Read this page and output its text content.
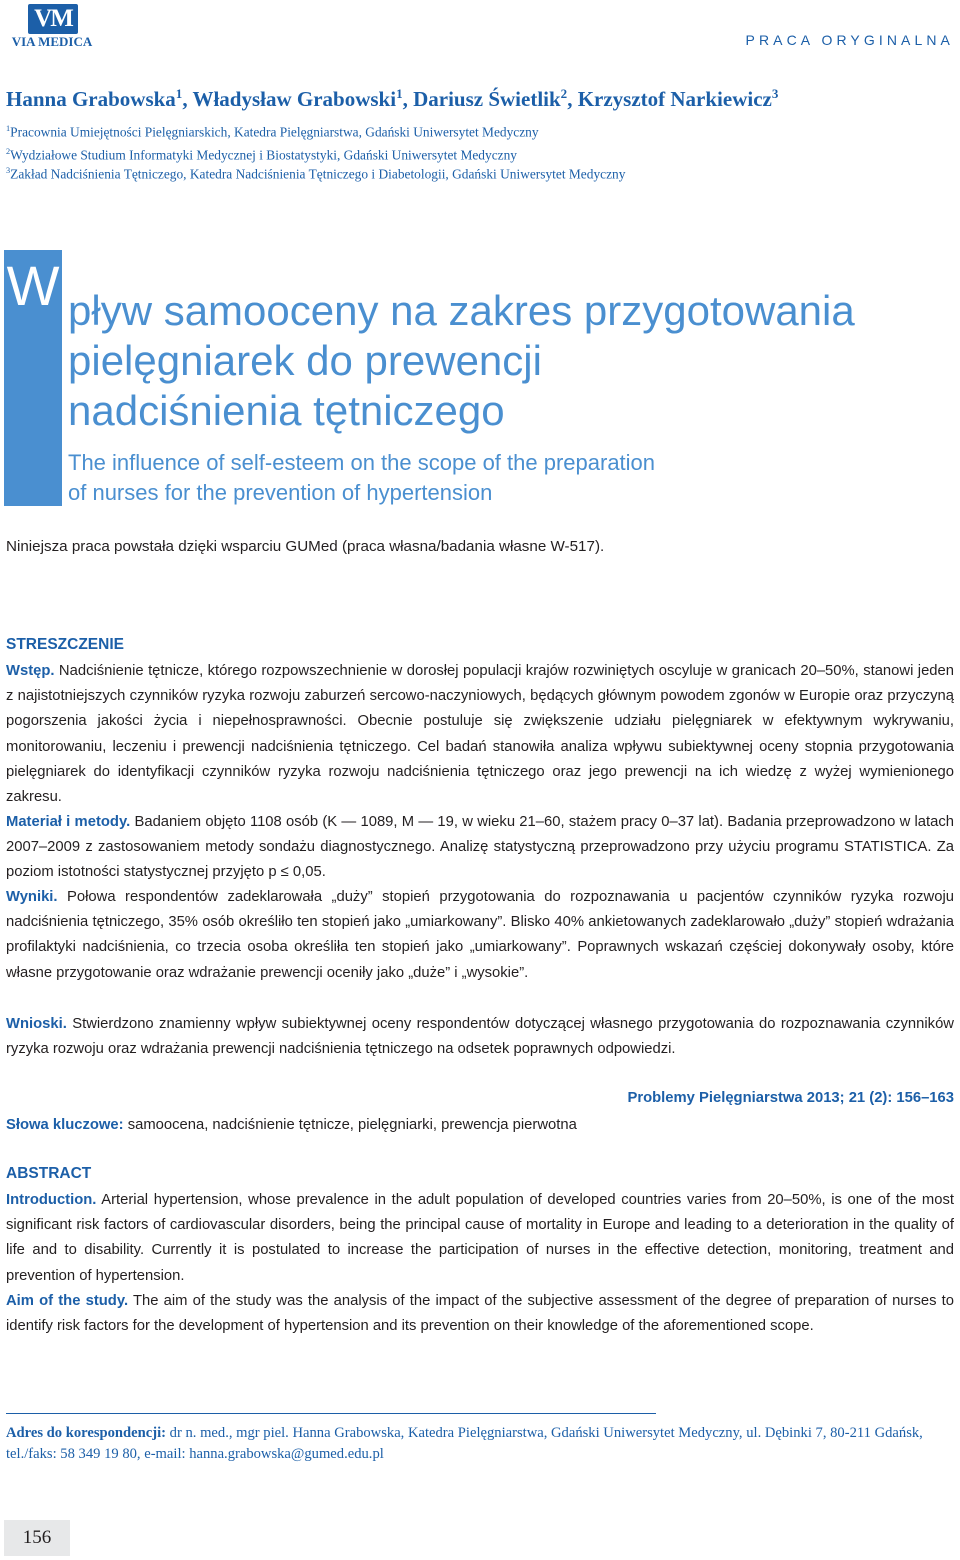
VM
VIA MEDICA	PRACA ORYGINALNA
Hanna Grabowska$^1$, Władysław Grabowski$^1$, Dariusz Świetlik$^2$, Krzysztof Narkiewicz$^3$
$^1$Pracownia Umiejętności Pielęgniarskich, Katedra Pielęgniarstwa, Gdański Uniwersytet Medyczny
$^2$Wydziałowe Studium Informatyki Medycznej i Biostatystyki, Gdański Uniwersytet Medyczny
$^3$Zakład Nadciśnienia Tętniczego, Katedra Nadciśnienia Tętniczego i Diabetologii, Gdański Uniwersytet Medyczny
W pływ samooceny na zakres przygotowania
pielęgniarek do prewencji
nadciśnienia tętniczego
The influence of self-esteem on the scope of the preparation
of nurses for the prevention of hypertension
Niniejsza praca powstała dzięki wsparciu GUMed (praca własna/badania własne W-517).
STRESZCZENIE

Wstęp. Nadciśnienie tętnicze, którego rozpowszechnienie w dorosłej populacji krajów rozwiniętych oscyluje w granicach 20–50%, stanowi jeden z najistotniejszych czynników ryzyka rozwoju zaburzeń sercowo-naczyniowych, będących głównym powodem zgonów w Europie oraz przyczyną pogorszenia jakości życia i niepełnosprawności. Obecnie postuluje się zwiększenie udziału pielęgniarek w efektywnym wykrywaniu, monitorowaniu, leczeniu i prewencji nadciśnienia tętniczego. Cel badań stanowiła analiza wpływu subiektywnej oceny stopnia przygotowania pielęgniarek do identyfikacji czynników ryzyka rozwoju nadciśnienia tętniczego oraz jego prewencji na ich wiedzę z wyżej wymienionego zakresu.

Materiał i metody. Badaniem objęto 1108 osób (K — 1089, M — 19, w wieku 21–60, stażem pracy 0–37 lat). Badania przeprowadzono w latach 2007–2009 z zastosowaniem metody sondażu diagnostycznego. Analizę statystyczną przeprowadzono przy użyciu programu STATISTICA. Za poziom istotności statystycznej przyjęto p ≤ 0,05.

Wyniki. Połowa respondentów zadeklarowała „duży” stopień przygotowania do rozpoznawania u pacjentów czynników ryzyka rozwoju nadciśnienia tętniczego, 35% osób określiło ten stopień jako „umiarkowany”. Blisko 40% ankietowanych zadeklarowało „duży” stopień wdrażania profilaktyki nadciśnienia, co trzecia osoba określiła ten stopień jako „umiarkowany”. Poprawnych wskazań częściej dokonywały osoby, które własne przygotowanie oraz wdrażanie prewencji oceniły jako „duże” i „wysokie”.

Wnioski. Stwierdzono znamienny wpływ subiektywnej oceny respondentów dotyczącej własnego przygotowania do rozpoznawania czynników ryzyka rozwoju oraz wdrażania prewencji nadciśnienia tętniczego na odsetek poprawnych odpowiedzi.

Problemy Pielęgniarstwa 2013; 21 (2): 156–163
Słowa kluczowe: samoocena, nadciśnienie tętnicze, pielęgniarki, prewencja pierwotna
ABSTRACT

Introduction. Arterial hypertension, whose prevalence in the adult population of developed countries varies from 20–50%, is one of the most significant risk factors of cardiovascular disorders, being the principal cause of mortality in Europe and leading to a deterioration in the quality of life and to disability. Currently it is postulated to increase the participation of nurses in the effective detection, monitoring, treatment and prevention of hypertension.

Aim of the study. The aim of the study was the analysis of the impact of the subjective assessment of the degree of preparation of nurses to identify risk factors for the development of hypertension and its prevention on their knowledge of the aforementioned scope.

Adres do korespondencji: dr n. med., mgr piel. Hanna Grabowska, Katedra Pielęgniarstwa, Gdański Uniwersytet Medyczny, ul. Dębinki 7, 80-211 Gdańsk, tel./faks: 58 349 19 80, e-mail: hanna.grabowska@gumed.edu.pl

156
